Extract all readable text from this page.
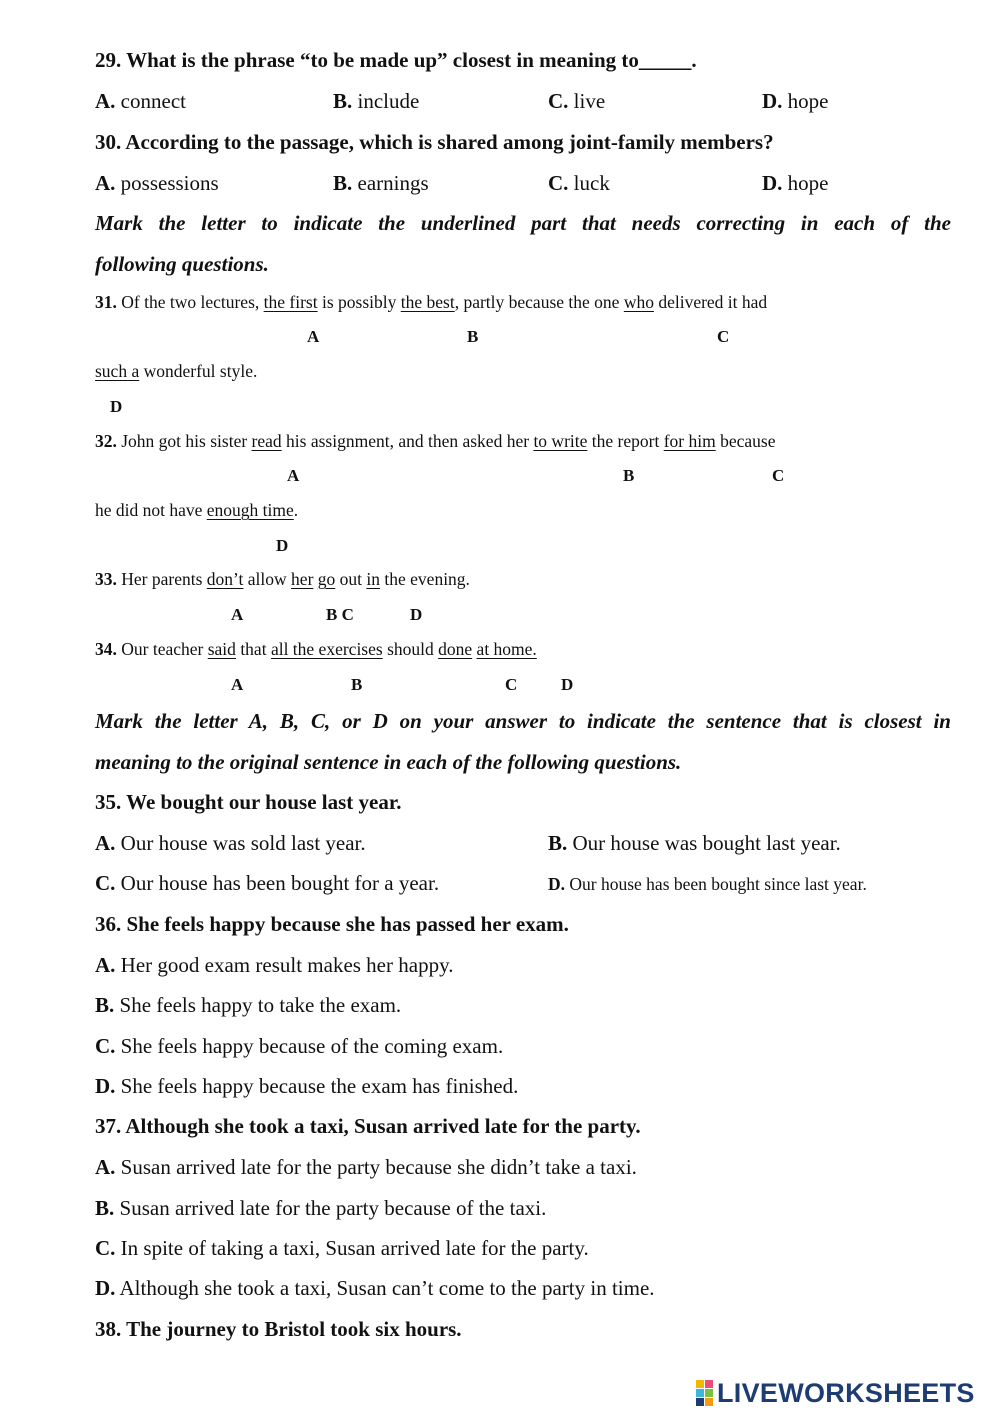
29. What is the phrase “to be made up” closest in meaning to_____.
A. connect	B. include	C. live	D. hope
30. According to the passage, which is shared among joint-family members?
A. possessions	B. earnings	C. luck	D. hope
Mark the letter to indicate the underlined part that needs correcting in each of the
following questions.
31. Of the two lectures, the first is possibly the best, partly because the one who delivered it had
A	B	C
such a wonderful style.
D
32. John got his sister read his assignment, and then asked her to write the report for him because
A	B	C
he did not have enough time.
D
33. Her parents don’t allow her go out in the evening.
A	B C	D
34. Our teacher said that all the exercises should done at home.
A	B	C	D
Mark the letter A, B, C, or D on your answer to indicate the sentence that is closest in
meaning to the original sentence in each of the following questions.
35. We bought our house last year.
A. Our house was sold last year.	B. Our house was bought last year.
C. Our house has been bought for a year.	D. Our house has been bought since last year.
36. She feels happy because she has passed her exam.
A. Her good exam result makes her happy.
B. She feels happy to take the exam.
C. She feels happy because of the coming exam.
D. She feels happy because the exam has finished.
37. Although she took a taxi, Susan arrived late for the party.
A. Susan arrived late for the party because she didn’t take a taxi.
B. Susan arrived late for the party because of the taxi.
C. In spite of taking a taxi, Susan arrived late for the party.
D. Although she took a taxi, Susan can’t come to the party in time.
38. The journey to Bristol took six hours.
LIVEWORKSHEETS
